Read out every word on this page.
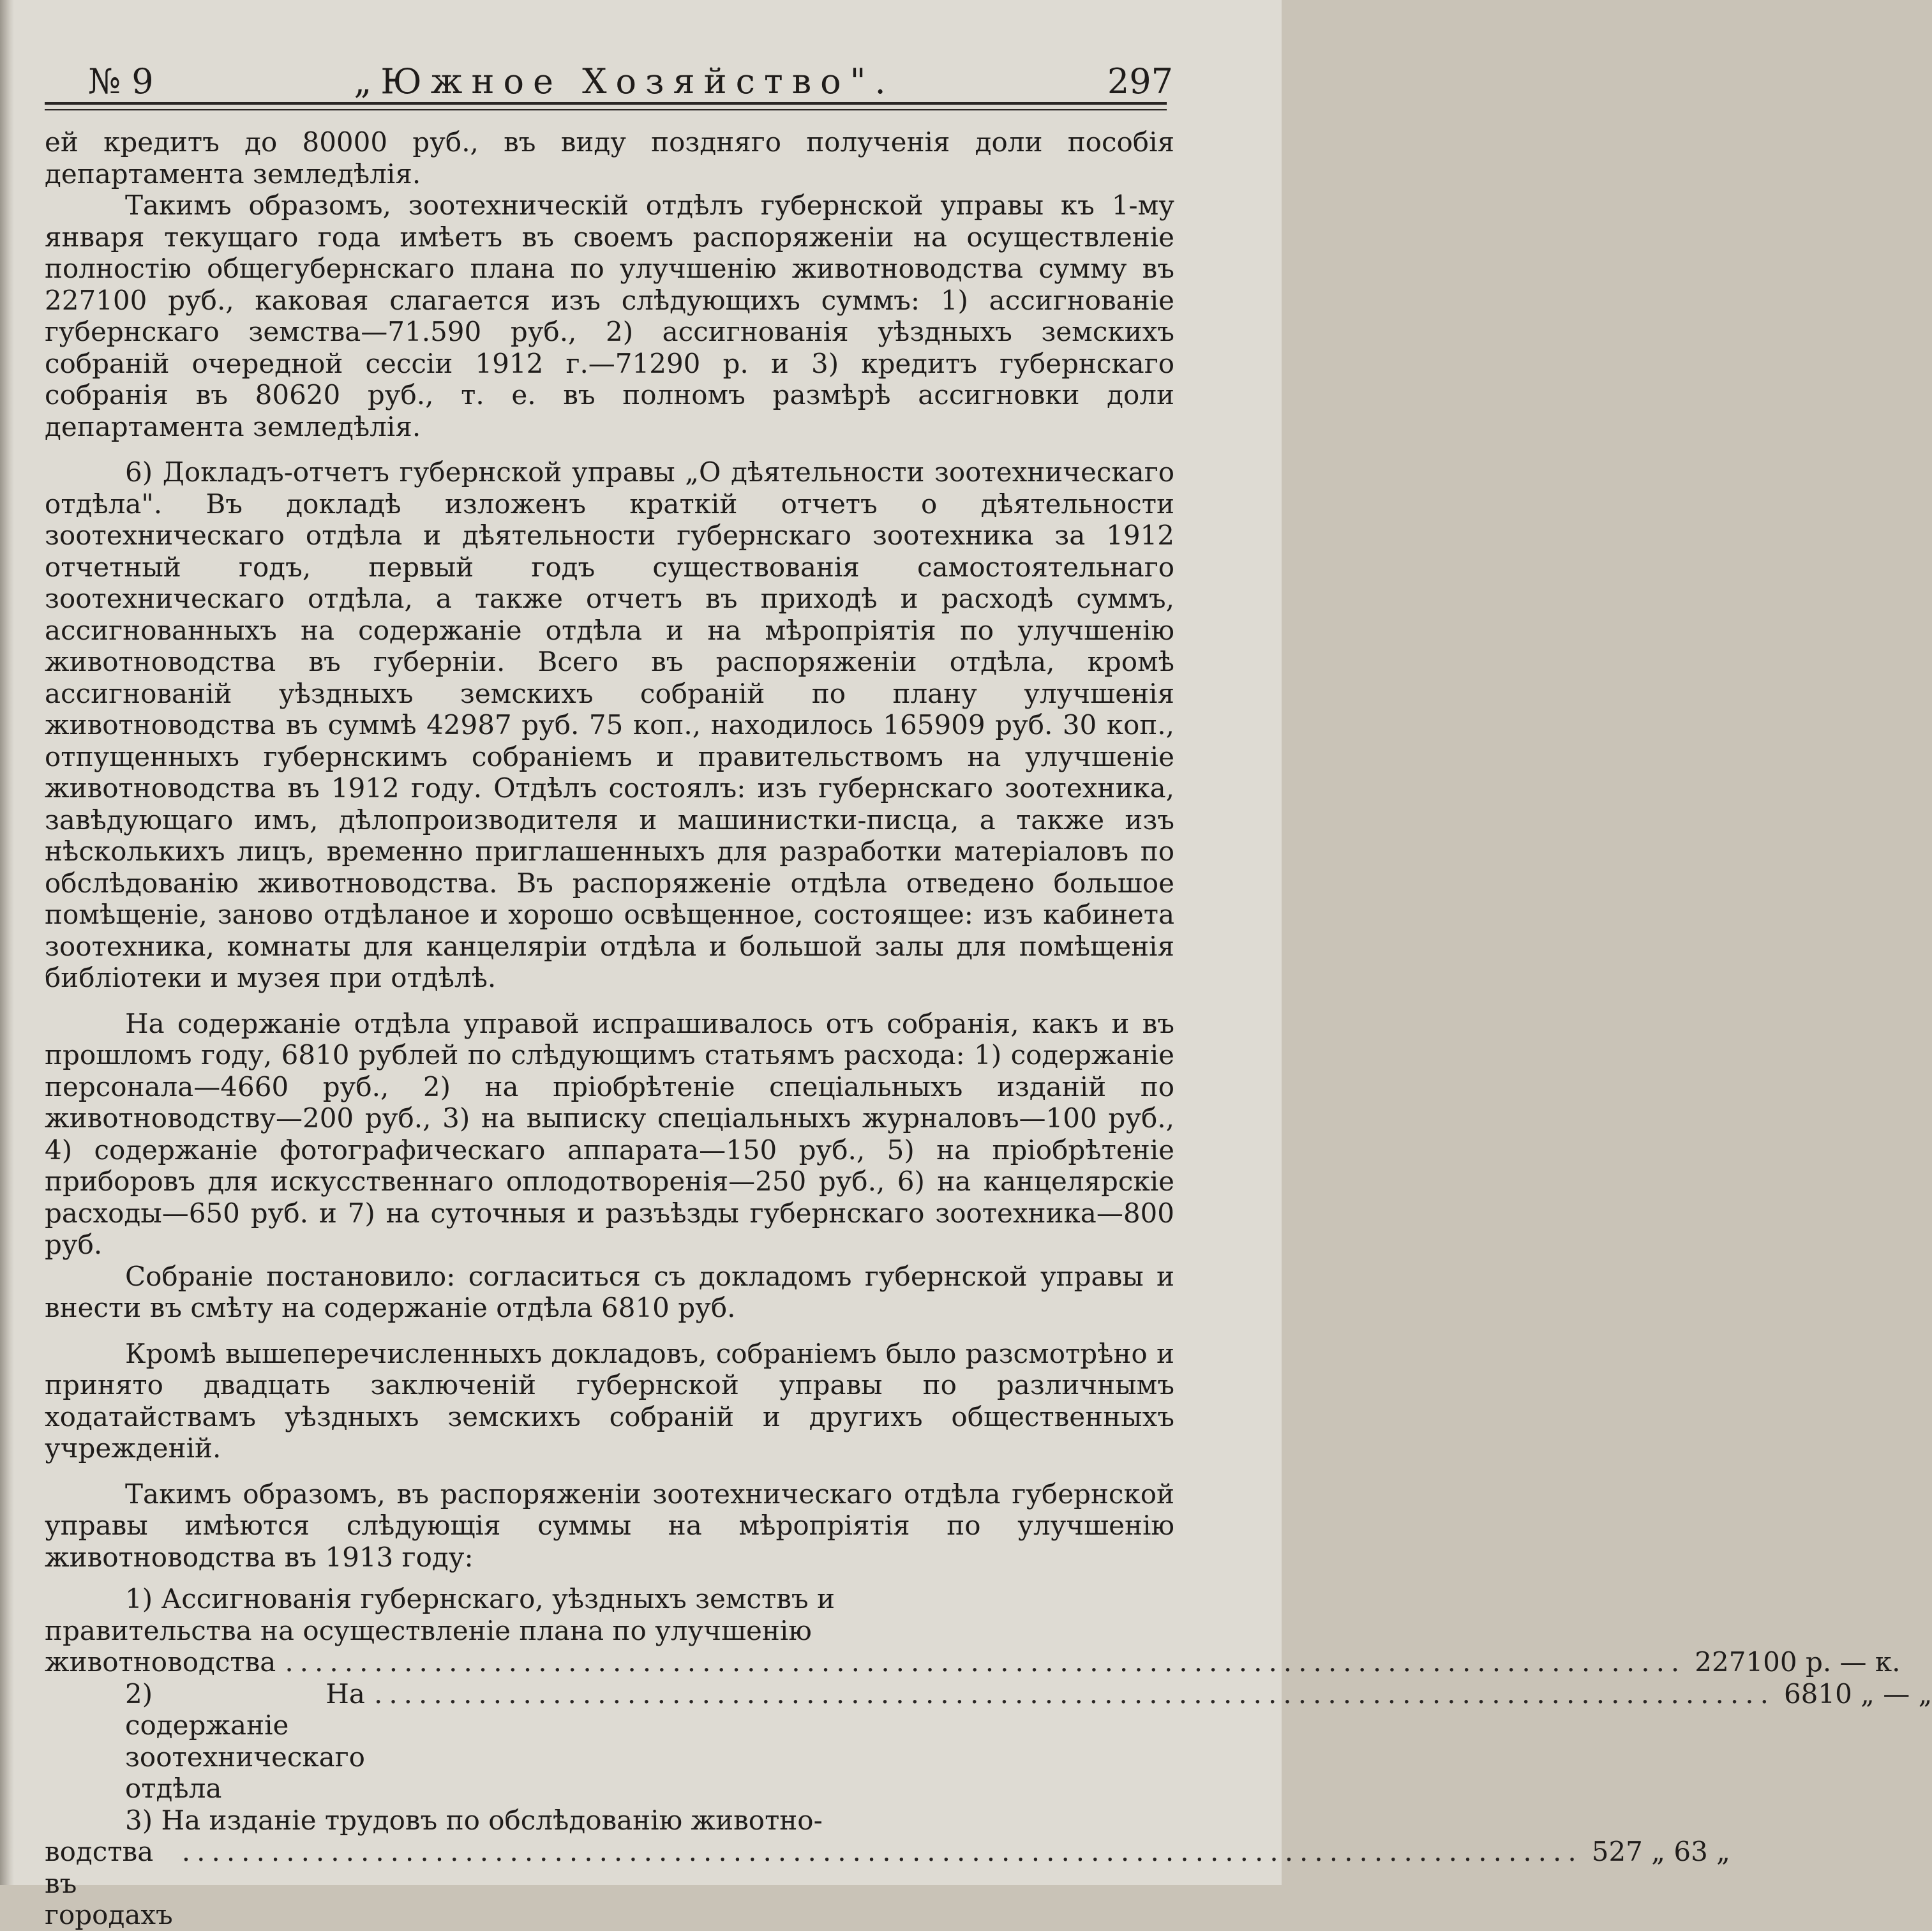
№ 9	„Южное Хозяйство".	297

ей кредитъ до 80000 руб., въ виду поздняго полученія доли пособія департамента земледѣлія.

Такимъ образомъ, зоотехническій отдѣлъ губернской управы къ 1-му января текущаго года имѣетъ въ своемъ распоряженіи на осуществленіе полностію общегубернскаго плана по улучшенію животноводства сумму въ 227100 руб., каковая слагается изъ слѣдующихъ суммъ: 1) ассигнованіе губернскаго земства—71.590 руб., 2) ассигнованія уѣздныхъ земскихъ собраній очередной сессіи 1912 г.—71290 р. и 3) кредитъ губернскаго собранія въ 80620 руб., т. е. въ полномъ размѣрѣ ассигновки доли департамента земледѣлія.

6) Докладъ-отчетъ губернской управы „О дѣятельности зоотехническаго отдѣла". Въ докладѣ изложенъ краткій отчетъ о дѣятельности зоотехническаго отдѣла и дѣятельности губернскаго зоотехника за 1912 отчетный годъ, первый годъ существованія самостоятельнаго зоотехническаго отдѣла, а также отчетъ въ приходѣ и расходѣ суммъ, ассигнованныхъ на содержаніе отдѣла и на мѣропріятія по улучшенію животноводства въ губерніи. Всего въ распоряженіи отдѣла, кромѣ ассигнованій уѣздныхъ земскихъ собраній по плану улучшенія животноводства въ суммѣ 42987 руб. 75 коп., находилось 165909 руб. 30 коп., отпущенныхъ губернскимъ собраніемъ и правительствомъ на улучшеніе животноводства въ 1912 году. Отдѣлъ состоялъ: изъ губернскаго зоотехника, завѣдующаго имъ, дѣлопроизводителя и машинистки-писца, а также изъ нѣсколькихъ лицъ, временно приглашенныхъ для разработки матеріаловъ по обслѣдованію животноводства. Въ распоряженіе отдѣла отведено большое помѣщеніе, заново отдѣланое и хорошо освѣщенное, состоящее: изъ кабинета зоотехника, комнаты для канцеляріи отдѣла и большой залы для помѣщенія библіотеки и музея при отдѣлѣ.

На содержаніе отдѣла управой испрашивалось отъ собранія, какъ и въ прошломъ году, 6810 рублей по слѣдующимъ статьямъ расхода: 1) содержаніе персонала—4660 руб., 2) на пріобрѣтеніе спеціальныхъ изданій по животноводству—200 руб., 3) на выписку спеціальныхъ журналовъ—100 руб., 4) содержаніе фотографическаго аппарата—150 руб., 5) на пріобрѣтеніе приборовъ для искусственнаго оплодотворенія—250 руб., 6) на канцелярскіе расходы—650 руб. и 7) на суточныя и разъѣзды губернскаго зоотехника—800 руб.

Собраніе постановило: согласиться съ докладомъ губернской управы и внести въ смѣту на содержаніе отдѣла 6810 руб.

Кромѣ вышеперечисленныхъ докладовъ, собраніемъ было разсмотрѣно и принято двадцать заключеній губернской управы по различнымъ ходатайствамъ уѣздныхъ земскихъ собраній и другихъ общественныхъ учрежденій.

Такимъ образомъ, въ распоряженіи зоотехническаго отдѣла губернской управы имѣются слѣдующія суммы на мѣропріятія по улучшенію животноводства въ 1913 году:

1) Ассигнованія губернскаго, уѣздныхъ земствъ и
правительства на осуществленіе плана по улучшенію
животноводства .............................................................................................. 227100 р. — к.
2) На содержаніе зоотехническаго отдѣла
.............................................................................................. 6810 „ — „
3) На изданіе трудовъ по обслѣдованію животно-
водства въ городахъ
.............................................................................................. 527 „ 63 „
